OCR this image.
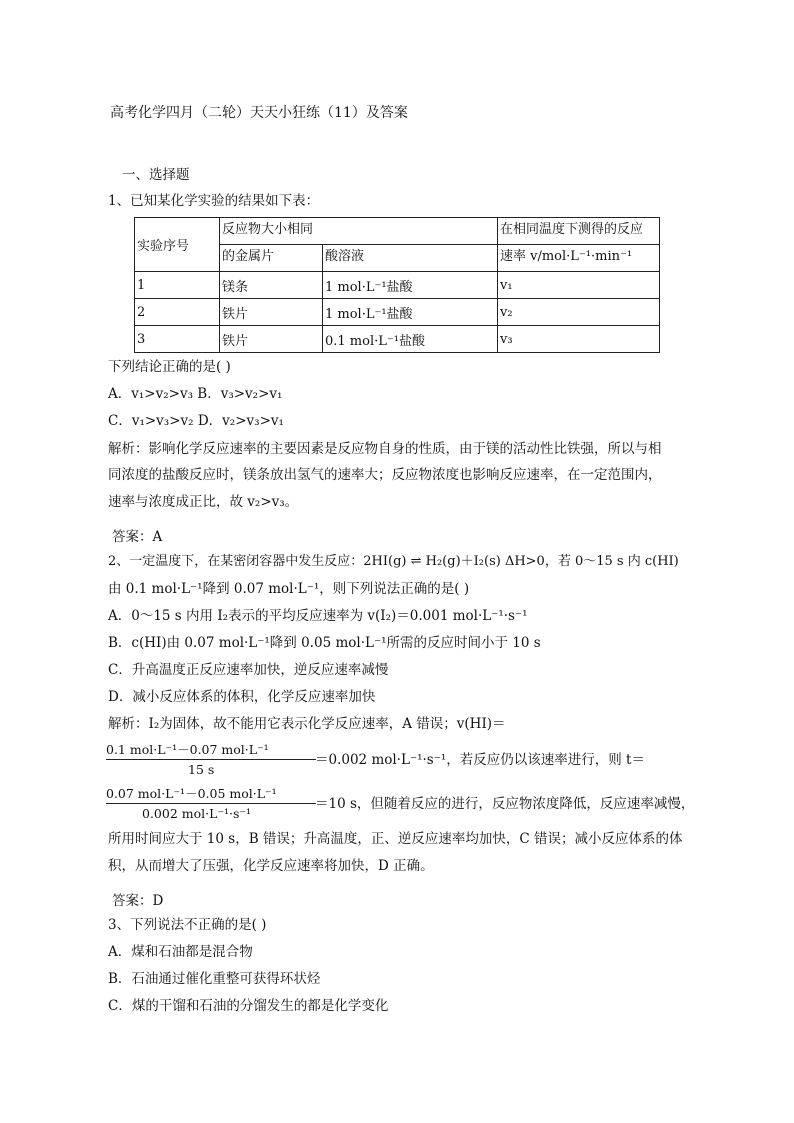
高考化学四月（二轮）天天小狂练（11）及答案
一、选择题
1、已知某化学实验的结果如下表：
实验序号	反应物大小相同		在相同温度下测得的反应
	的金属片	酸溶液	速率 v/mol·L⁻¹·min⁻¹
1	镁条	1 mol·L⁻¹盐酸	v₁
2	铁片	1 mol·L⁻¹盐酸	v₂
3	铁片	0.1 mol·L⁻¹盐酸	v₃
下列结论正确的是( )
A．v₁>v₂>v₃ B．v₃>v₂>v₁
C．v₁>v₃>v₂ D．v₂>v₃>v₁
解析：影响化学反应速率的主要因素是反应物自身的性质，由于镁的活动性比铁强，所以与相
同浓度的盐酸反应时，镁条放出氢气的速率大；反应物浓度也影响反应速率，在一定范围内，
速率与浓度成正比，故 v₂>v₃。
答案：A
2、一定温度下，在某密闭容器中发生反应：2HI(g) ⇌ H₂(g)＋I₂(s) ΔH>0，若 0～15 s 内 c(HI)
由 0.1 mol·L⁻¹降到 0.07 mol·L⁻¹，则下列说法正确的是( )
A．0～15 s 内用 I₂表示的平均反应速率为 v(I₂)＝0.001 mol·L⁻¹·s⁻¹
B．c(HI)由 0.07 mol·L⁻¹降到 0.05 mol·L⁻¹所需的反应时间小于 10 s
C．升高温度正反应速率加快，逆反应速率减慢
D．减小反应体系的体积，化学反应速率加快
解析：I₂为固体，故不能用它表示化学反应速率，A 错误；v(HI)＝
0.1 mol·L⁻¹－0.07 mol·L⁻¹
15 s
＝0.002 mol·L⁻¹·s⁻¹，若反应仍以该速率进行，则 t＝
0.07 mol·L⁻¹－0.05 mol·L⁻¹
0.002 mol·L⁻¹·s⁻¹
＝10 s，但随着反应的进行，反应物浓度降低，反应速率减慢，
所用时间应大于 10 s，B 错误；升高温度，正、逆反应速率均加快，C 错误；减小反应体系的体
积，从而增大了压强，化学反应速率将加快，D 正确。
答案：D
3、下列说法不正确的是( )
A．煤和石油都是混合物
B．石油通过催化重整可获得环状烃
C．煤的干馏和石油的分馏发生的都是化学变化
